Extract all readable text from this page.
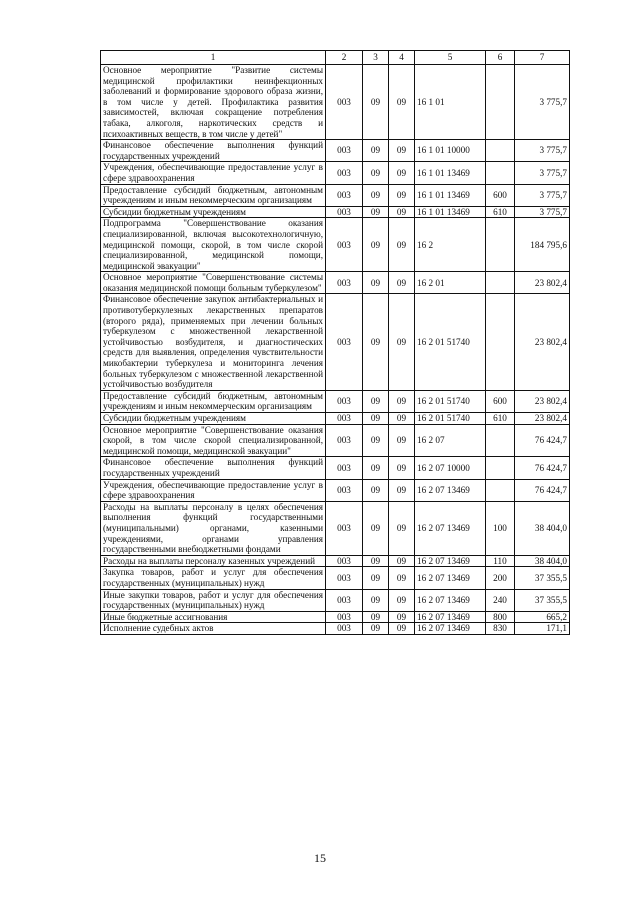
1	2	3	4	5	6	7
Основное мероприятие "Развитие системы медицинской профилактики неинфекционных заболеваний и формирование здорового образа жизни, в том числе у детей. Профилактика развития зависимостей, включая сокращение потребления табака, алкоголя, наркотических средств и психоактивных веществ, в том числе у детей"	003	09	09	16 1 01		3 775,7
Финансовое обеспечение выполнения функций государственных учреждений	003	09	09	16 1 01 10000		3 775,7
Учреждения, обеспечивающие предоставление услуг в сфере здравоохранения	003	09	09	16 1 01 13469		3 775,7
Предоставление субсидий бюджетным, автономным учреждениям и иным некоммерческим организациям	003	09	09	16 1 01 13469	600	3 775,7
Субсидии бюджетным учреждениям	003	09	09	16 1 01 13469	610	3 775,7
Подпрограмма "Совершенствование оказания специализированной, включая высокотехнологичную, медицинской помощи, скорой, в том числе скорой специализированной, медицинской помощи, медицинской эвакуации"	003	09	09	16 2		184 795,6
Основное мероприятие "Совершенствование системы оказания медицинской помощи больным туберкулезом"	003	09	09	16 2 01		23 802,4
Финансовое обеспечение закупок антибактериальных и противотуберкулезных лекарственных препаратов (второго ряда), применяемых при лечении больных туберкулезом с множественной лекарственной устойчивостью возбудителя, и диагностических средств для выявления, определения чувствительности микобактерии туберкулеза и мониторинга лечения больных туберкулезом с множественной лекарственной устойчивостью возбудителя	003	09	09	16 2 01 51740		23 802,4
Предоставление субсидий бюджетным, автономным учреждениям и иным некоммерческим организациям	003	09	09	16 2 01 51740	600	23 802,4
Субсидии бюджетным учреждениям	003	09	09	16 2 01 51740	610	23 802,4
Основное мероприятие "Совершенствование оказания скорой, в том числе скорой специализированной, медицинской помощи, медицинской эвакуации"	003	09	09	16 2 07		76 424,7
Финансовое обеспечение выполнения функций государственных учреждений	003	09	09	16 2 07 10000		76 424,7
Учреждения, обеспечивающие предоставление услуг в сфере здравоохранения	003	09	09	16 2 07 13469		76 424,7
Расходы на выплаты персоналу в целях обеспечения выполнения функций государственными (муниципальными) органами, казенными учреждениями, органами управления государственными внебюджетными фондами	003	09	09	16 2 07 13469	100	38 404,0
Расходы на выплаты персоналу казенных учреждений	003	09	09	16 2 07 13469	110	38 404,0
Закупка товаров, работ и услуг для обеспечения государственных (муниципальных) нужд	003	09	09	16 2 07 13469	200	37 355,5
Иные закупки товаров, работ и услуг для обеспечения государственных (муниципальных) нужд	003	09	09	16 2 07 13469	240	37 355,5
Иные бюджетные ассигнования	003	09	09	16 2 07 13469	800	665,2
Исполнение судебных актов	003	09	09	16 2 07 13469	830	171,1
15
